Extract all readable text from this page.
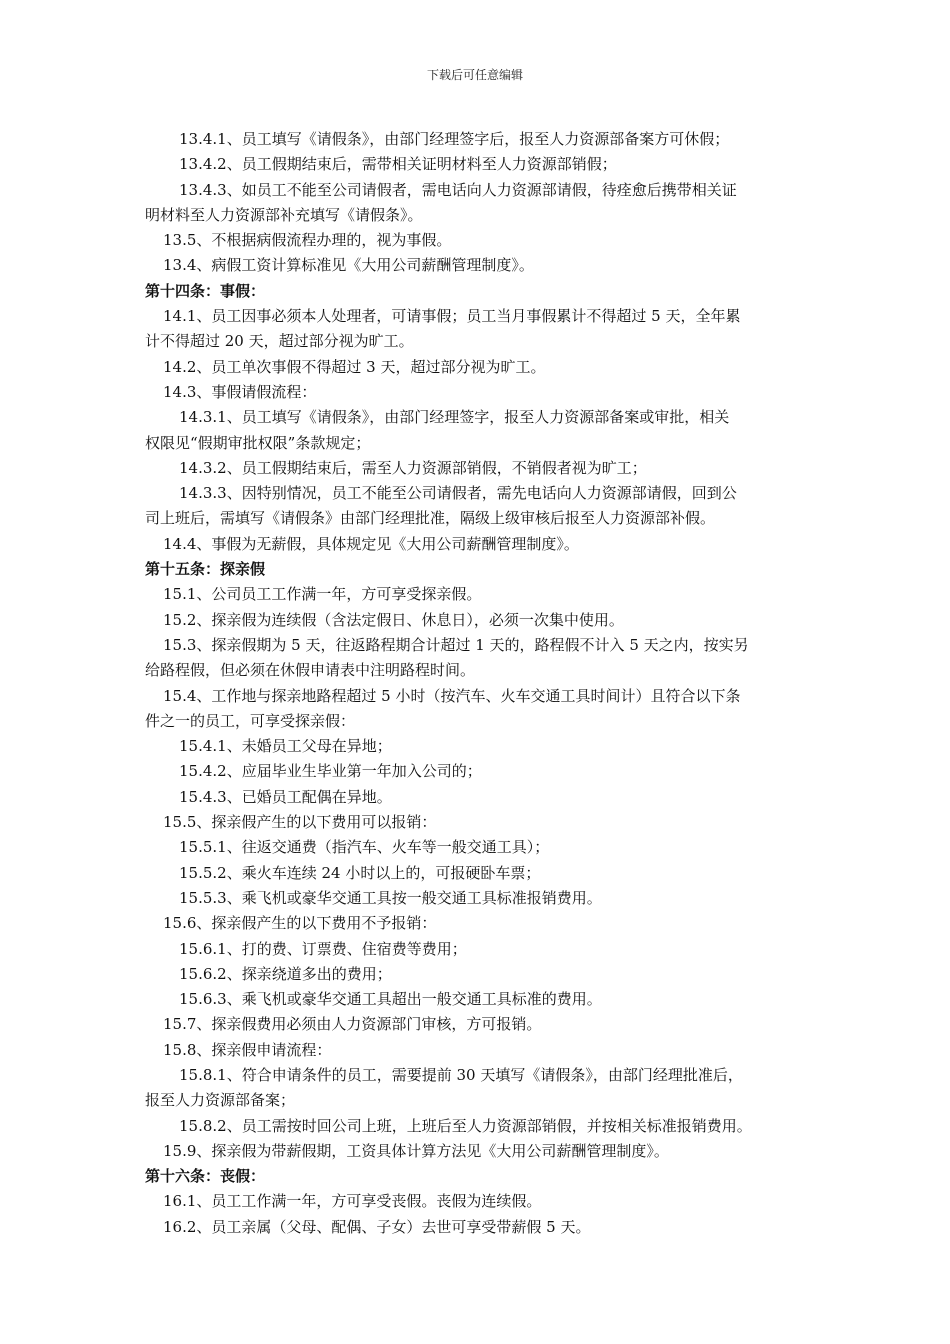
下载后可任意编辑
13.4.1、员工填写《请假条》，由部门经理签字后，报至人力资源部备案方可休假；
13.4.2、员工假期结束后，需带相关证明材料至人力资源部销假；
13.4.3、如员工不能至公司请假者，需电话向人力资源部请假，待痊愈后携带相关证
明材料至人力资源部补充填写《请假条》。
13.5、不根据病假流程办理的，视为事假。
13.4、病假工资计算标准见《大用公司薪酬管理制度》。
第十四条：事假：
14.1、员工因事必须本人处理者，可请事假；员工当月事假累计不得超过 5 天，全年累
计不得超过 20 天，超过部分视为旷工。
14.2、员工单次事假不得超过 3 天，超过部分视为旷工。
14.3、事假请假流程：
14.3.1、员工填写《请假条》，由部门经理签字，报至人力资源部备案或审批，相关
权限见“假期审批权限”条款规定；
14.3.2、员工假期结束后，需至人力资源部销假，不销假者视为旷工；
14.3.3、因特别情况，员工不能至公司请假者，需先电话向人力资源部请假，回到公
司上班后，需填写《请假条》由部门经理批准，隔级上级审核后报至人力资源部补假。
14.4、事假为无薪假，具体规定见《大用公司薪酬管理制度》。
第十五条：探亲假
15.1、公司员工工作满一年，方可享受探亲假。
15.2、探亲假为连续假（含法定假日、休息日），必须一次集中使用。
15.3、探亲假期为 5 天，往返路程期合计超过 1 天的，路程假不计入 5 天之内，按实另
给路程假，但必须在休假申请表中注明路程时间。
15.4、工作地与探亲地路程超过 5 小时（按汽车、火车交通工具时间计）且符合以下条
件之一的员工，可享受探亲假：
15.4.1、未婚员工父母在异地；
15.4.2、应届毕业生毕业第一年加入公司的；
15.4.3、已婚员工配偶在异地。
15.5、探亲假产生的以下费用可以报销：
15.5.1、往返交通费（指汽车、火车等一般交通工具）；
15.5.2、乘火车连续 24 小时以上的，可报硬卧车票；
15.5.3、乘飞机或豪华交通工具按一般交通工具标准报销费用。
15.6、探亲假产生的以下费用不予报销：
15.6.1、打的费、订票费、住宿费等费用；
15.6.2、探亲绕道多出的费用；
15.6.3、乘飞机或豪华交通工具超出一般交通工具标准的费用。
15.7、探亲假费用必须由人力资源部门审核，方可报销。
15.8、探亲假申请流程：
15.8.1、符合申请条件的员工，需要提前 30 天填写《请假条》，由部门经理批准后，
报至人力资源部备案；
15.8.2、员工需按时回公司上班，上班后至人力资源部销假，并按相关标准报销费用。
15.9、探亲假为带薪假期，工资具体计算方法见《大用公司薪酬管理制度》。
第十六条：丧假：
16.1、员工工作满一年，方可享受丧假。丧假为连续假。
16.2、员工亲属（父母、配偶、子女）去世可享受带薪假 5 天。
